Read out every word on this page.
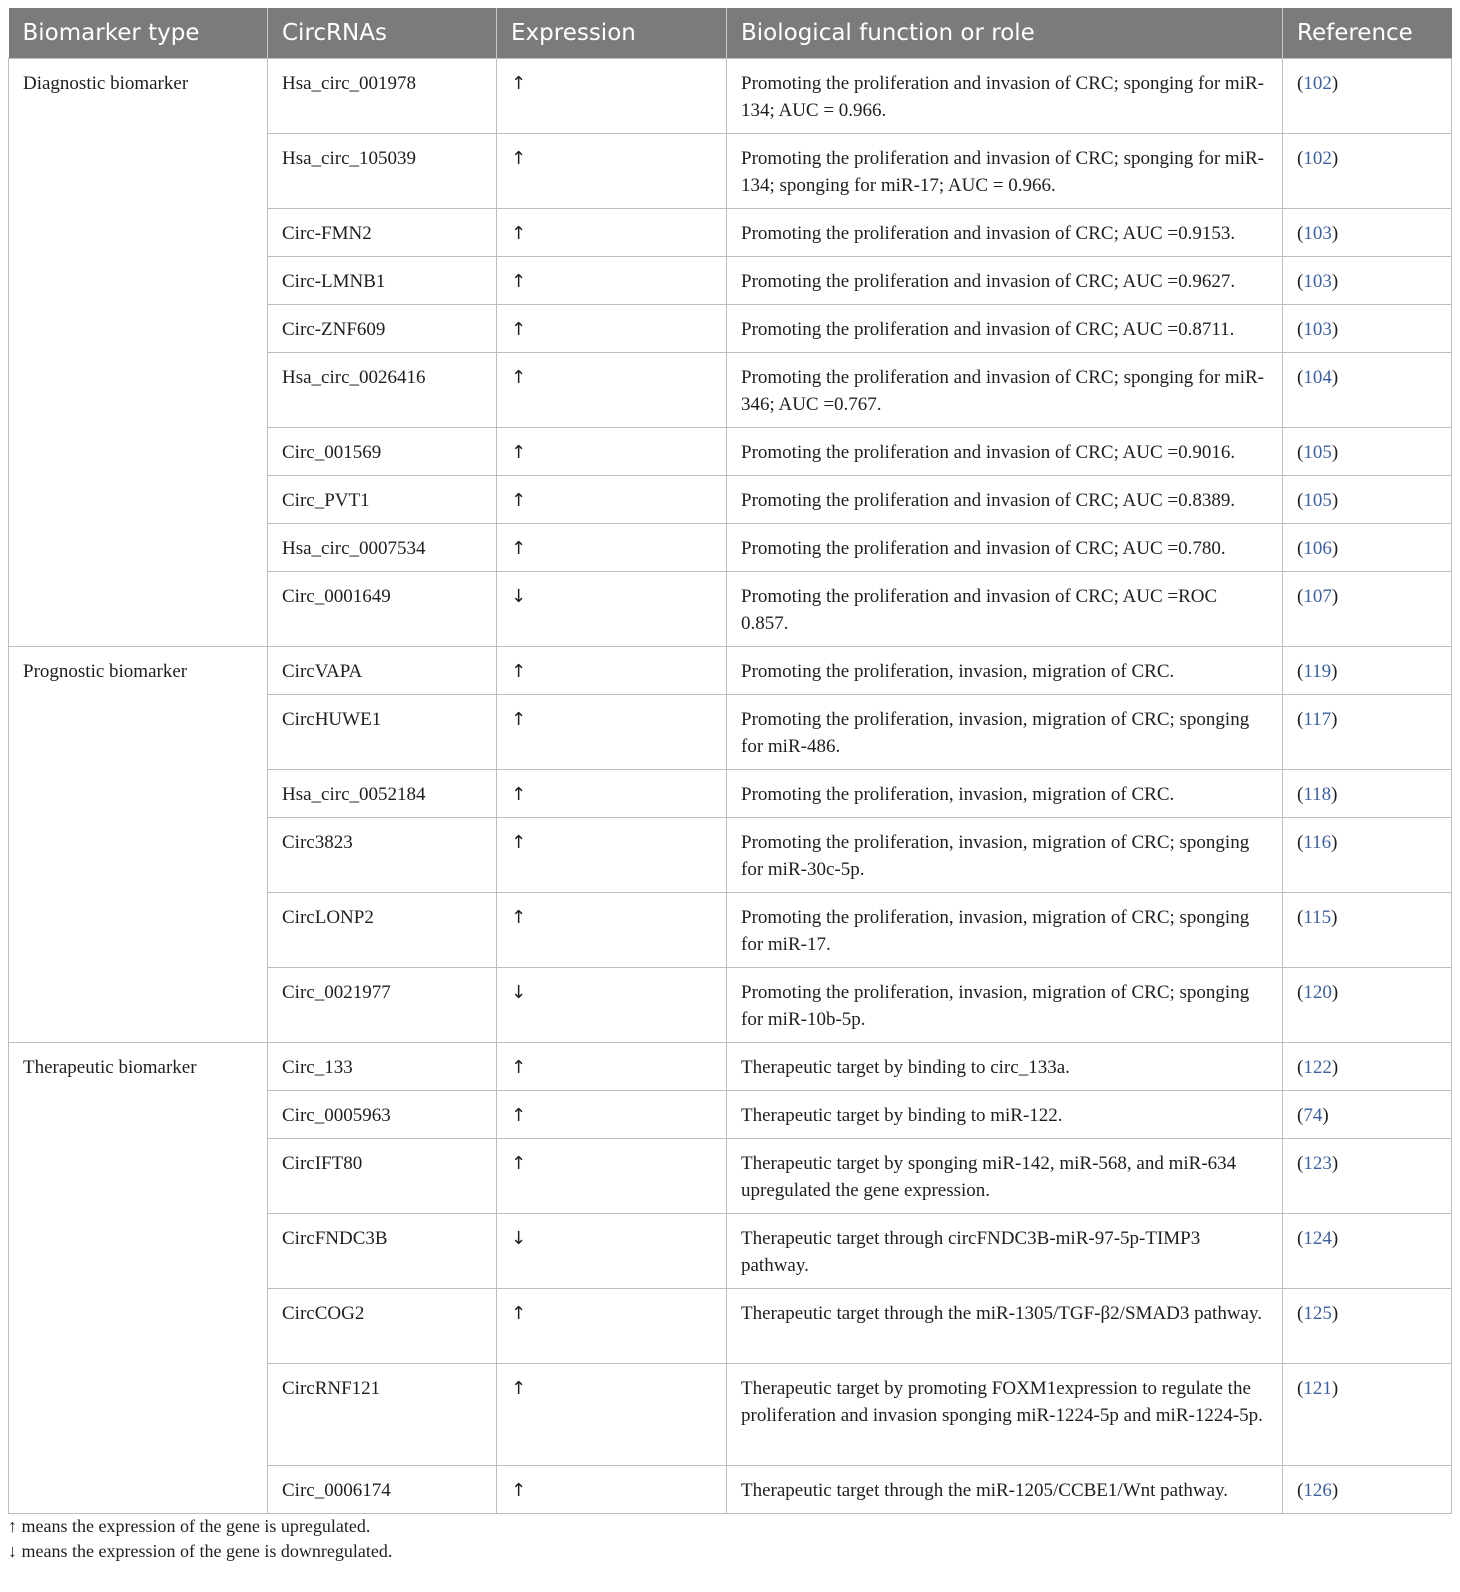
Biomarker type	CircRNAs	Expression	Biological function or role	Reference
Diagnostic biomarker	Hsa_circ_001978	↑	Promoting the proliferation and invasion of CRC; sponging for miR-134; AUC = 0.966.	(102)
	Hsa_circ_105039	↑	Promoting the proliferation and invasion of CRC; sponging for miR-134; sponging for miR-17; AUC = 0.966.	(102)
	Circ-FMN2	↑	Promoting the proliferation and invasion of CRC; AUC =0.9153.	(103)
	Circ-LMNB1	↑	Promoting the proliferation and invasion of CRC; AUC =0.9627.	(103)
	Circ-ZNF609	↑	Promoting the proliferation and invasion of CRC; AUC =0.8711.	(103)
	Hsa_circ_0026416	↑	Promoting the proliferation and invasion of CRC; sponging for miR-346; AUC =0.767.	(104)
	Circ_001569	↑	Promoting the proliferation and invasion of CRC; AUC =0.9016.	(105)
	Circ_PVT1	↑	Promoting the proliferation and invasion of CRC; AUC =0.8389.	(105)
	Hsa_circ_0007534	↑	Promoting the proliferation and invasion of CRC; AUC =0.780.	(106)
	Circ_0001649	↓	Promoting the proliferation and invasion of CRC; AUC =ROC 0.857.	(107)
Prognostic biomarker	CircVAPA	↑	Promoting the proliferation, invasion, migration of CRC.	(119)
	CircHUWE1	↑	Promoting the proliferation, invasion, migration of CRC; sponging for miR-486.	(117)
	Hsa_circ_0052184	↑	Promoting the proliferation, invasion, migration of CRC.	(118)
	Circ3823	↑	Promoting the proliferation, invasion, migration of CRC; sponging for miR-30c-5p.	(116)
	CircLONP2	↑	Promoting the proliferation, invasion, migration of CRC; sponging for miR-17.	(115)
	Circ_0021977	↓	Promoting the proliferation, invasion, migration of CRC; sponging for miR-10b-5p.	(120)
Therapeutic biomarker	Circ_133	↑	Therapeutic target by binding to circ_133a.	(122)
	Circ_0005963	↑	Therapeutic target by binding to miR-122.	(74)
	CircIFT80	↑	Therapeutic target by sponging miR-142, miR-568, and miR-634 upregulated the gene expression.	(123)
	CircFNDC3B	↓	Therapeutic target through circFNDC3B-miR-97-5p-TIMP3 pathway.	(124)
	CircCOG2	↑	Therapeutic target through the miR-1305/TGF-β2/SMAD3 pathway.	(125)
	CircRNF121	↑	Therapeutic target by promoting FOXM1expression to regulate the proliferation and invasion sponging miR-1224-5p and miR-1224-5p.	(121)
	Circ_0006174	↑	Therapeutic target through the miR-1205/CCBE1/Wnt pathway.	(126)
↑ means the expression of the gene is upregulated.
↓ means the expression of the gene is downregulated.
